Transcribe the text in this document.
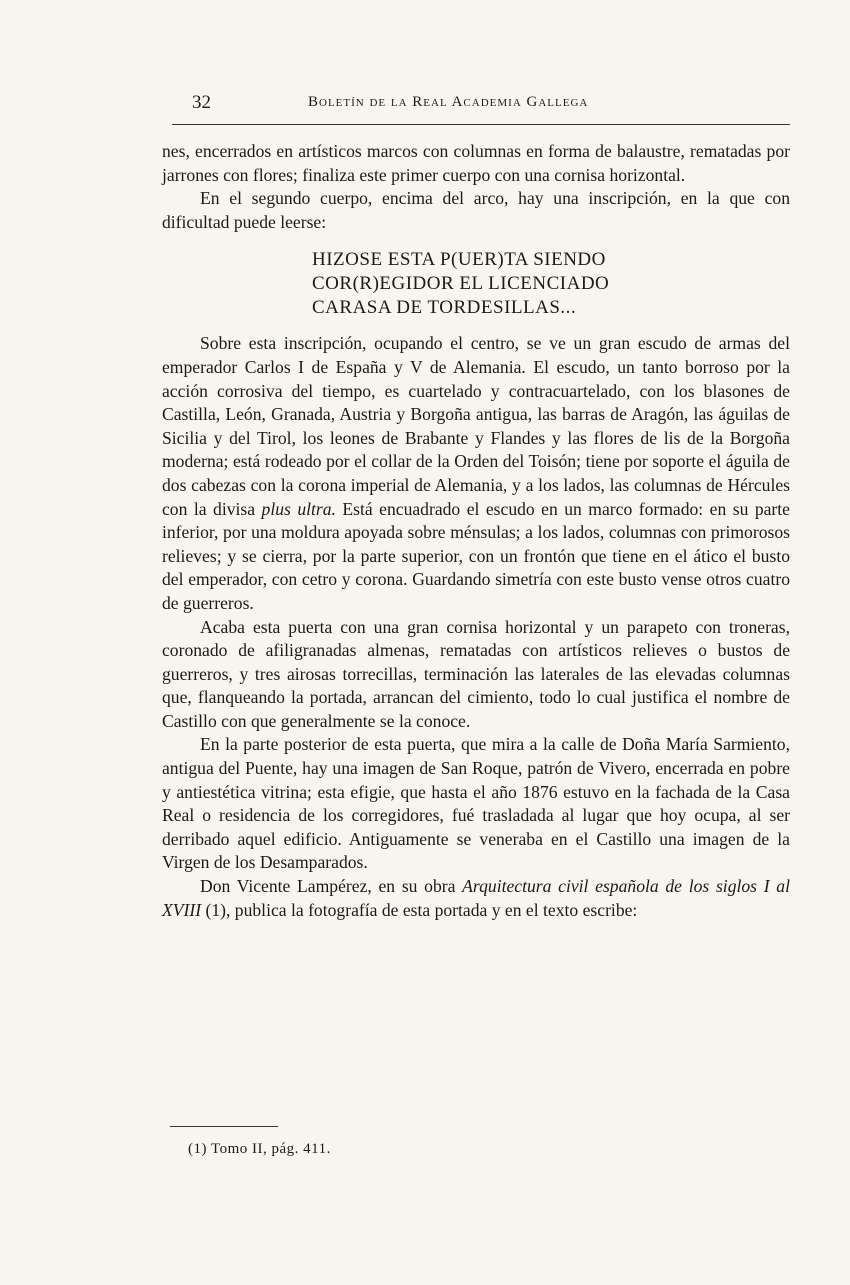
32	Boletín de la Real Academia Gallega

nes, encerrados en artísticos marcos con columnas en forma de balaustre, rematadas por jarrones con flores; finaliza este primer cuerpo con una cornisa horizontal.

En el segundo cuerpo, encima del arco, hay una inscripción, en la que con dificultad puede leerse:

HIZOSE ESTA P(UER)TA SIENDO
COR(R)EGIDOR EL LICENCIADO
CARASA DE TORDESILLAS...

Sobre esta inscripción, ocupando el centro, se ve un gran escudo de armas del emperador Carlos I de España y V de Alemania. El escudo, un tanto borroso por la acción corrosiva del tiempo, es cuartelado y contracuartelado, con los blasones de Castilla, León, Granada, Austria y Borgoña antigua, las barras de Aragón, las águilas de Sicilia y del Tirol, los leones de Brabante y Flandes y las flores de lis de la Borgoña moderna; está rodeado por el collar de la Orden del Toisón; tiene por soporte el águila de dos cabezas con la corona imperial de Alemania, y a los lados, las columnas de Hércules con la divisa plus ultra. Está encuadrado el escudo en un marco formado: en su parte inferior, por una moldura apoyada sobre ménsulas; a los lados, columnas con primorosos relieves; y se cierra, por la parte superior, con un frontón que tiene en el ático el busto del emperador, con cetro y corona. Guardando simetría con este busto vense otros cuatro de guerreros.

Acaba esta puerta con una gran cornisa horizontal y un parapeto con troneras, coronado de afiligranadas almenas, rematadas con artísticos relieves o bustos de guerreros, y tres airosas torrecillas, terminación las laterales de las elevadas columnas que, flanqueando la portada, arrancan del cimiento, todo lo cual justifica el nombre de Castillo con que generalmente se la conoce.

En la parte posterior de esta puerta, que mira a la calle de Doña María Sarmiento, antigua del Puente, hay una imagen de San Roque, patrón de Vivero, encerrada en pobre y antiestética vitrina; esta efigie, que hasta el año 1876 estuvo en la fachada de la Casa Real o residencia de los corregidores, fué trasladada al lugar que hoy ocupa, al ser derribado aquel edificio. Antiguamente se veneraba en el Castillo una imagen de la Virgen de los Desamparados.

Don Vicente Lampérez, en su obra Arquitectura civil española de los siglos I al XVIII (1), publica la fotografía de esta portada y en el texto escribe:

(1) Tomo II, pág. 411.
